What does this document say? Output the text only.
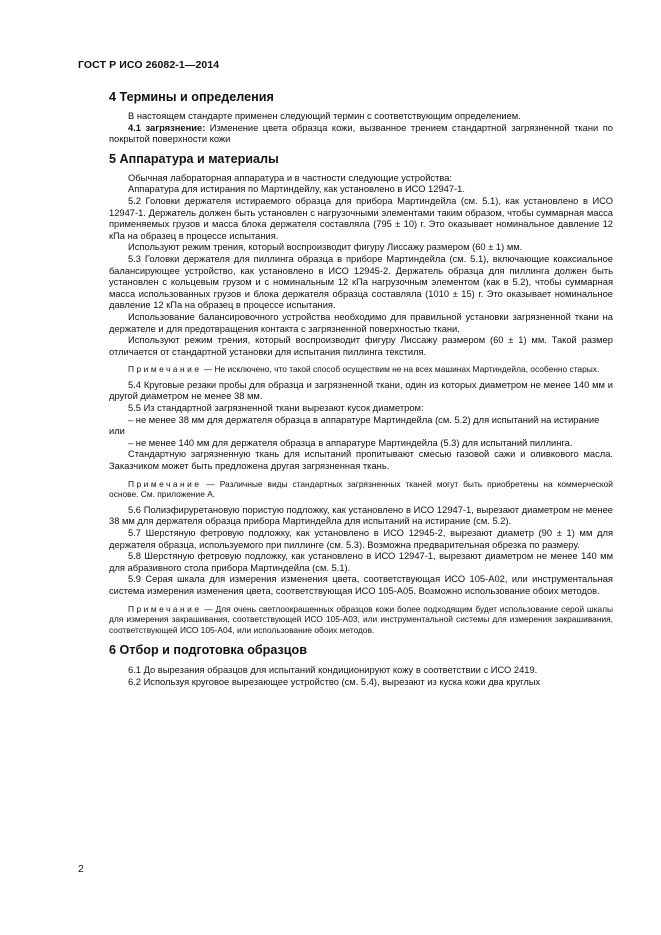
ГОСТ Р ИСО 26082-1—2014
4 Термины и определения

В настоящем стандарте применен следующий термин с соответствующим определением.

4.1 загрязнение: Изменение цвета образца кожи, вызванное трением стандартной загрязненной ткани по покрытой поверхности кожи

5 Аппаратура и материалы

Обычная лабораторная аппаратура и в частности следующие устройства:

Аппаратура для истирания по Мартиндейлу, как установлено в ИСО 12947-1.

5.2 Головки держателя истираемого образца для прибора Мартиндейла (см. 5.1), как установлено в ИСО 12947-1. Держатель должен быть установлен с нагрузочными элементами таким образом, чтобы суммарная масса применяемых грузов и масса блока держателя составляла (795 ± 10) г. Это оказывает номинальное давление 12 кПа на образец в процессе испытания.

Используют режим трения, который воспроизводит фигуру Лиссажу размером (60 ± 1) мм.

5.3 Головки держателя для пиллинга образца в приборе Мартиндейла (см. 5.1), включающие коаксиальное балансирующее устройство, как установлено в ИСО 12945-2. Держатель образца для пиллинга должен быть установлен с кольцевым грузом и с номинальным 12 кПа нагрузочным элементом (как в 5.2), чтобы суммарная масса использованных грузов и блока держателя образца составляла (1010 ± 15) г. Это оказывает номинальное давление 12 кПа на образец в процессе испытания.

Использование балансировочного устройства необходимо для правильной установки загрязненной ткани на держателе и для предотвращения контакта с загрязненной поверхностью ткани.

Используют режим трения, который воспроизводит фигуру Лиссажу размером (60 ± 1) мм. Такой размер отличается от стандартной установки для испытания пиллинга текстиля.

Примечание — Не исключено, что такой способ осуществим не на всех машинах Мартиндейла, особенно старых.

5.4 Круговые резаки пробы для образца и загрязненной ткани, один из которых диаметром не менее 140 мм и другой диаметром не менее 38 мм.

5.5 Из стандартной загрязненной ткани вырезают кусок диаметром:

– не менее 38 мм для держателя образца в аппаратуре Мартиндейла (см. 5.2) для испытаний на истирание

или

– не менее 140 мм для держателя образца в аппаратуре Мартиндейла (5.3) для испытаний пиллинга.

Стандартную загрязненную ткань для испытаний пропитывают смесью газовой сажи и оливкового масла. Заказчиком может быть предложена другая загрязненная ткань.

Примечание — Различные виды стандартных загрязненных тканей могут быть приобретены на коммерческой основе. См. приложение А.

5.6 Полиэфируретановую пористую подложку, как установлено в ИСО 12947-1, вырезают диаметром не менее 38 мм для держателя образца прибора Мартиндейла для испытаний на истирание (см. 5.2).

5.7 Шерстяную фетровую подложку, как установлено в ИСО 12945-2, вырезают диаметр (90 ± 1) мм для держателя образца, используемого при пиллинге (см. 5.3). Возможна предварительная обрезка по размеру.

5.8 Шерстяную фетровую подложку, как установлено в ИСО 12947-1, вырезают диаметром не менее 140 мм для абразивного стола прибора Мартиндейла (см. 5.1).

5.9 Серая шкала для измерения изменения цвета, соответствующая ИСО 105-А02, или инструментальная система измерения изменения цвета, соответствующая ИСО 105-А05. Возможно использование обоих методов.

Примечание — Для очень светлоокрашенных образцов кожи более подходящим будет использование серой шкалы для измерения закрашивания, соответствующей ИСО 105-А03, или инструментальной системы для измерения закрашивания, соответствующей ИСО 105-А04, или использование обоих методов.

6 Отбор и подготовка образцов

6.1 До вырезания образцов для испытаний кондиционируют кожу в соответствии с ИСО 2419.

6.2 Используя круговое вырезающее устройство (см. 5.4), вырезают из куска кожи два круглых

2
